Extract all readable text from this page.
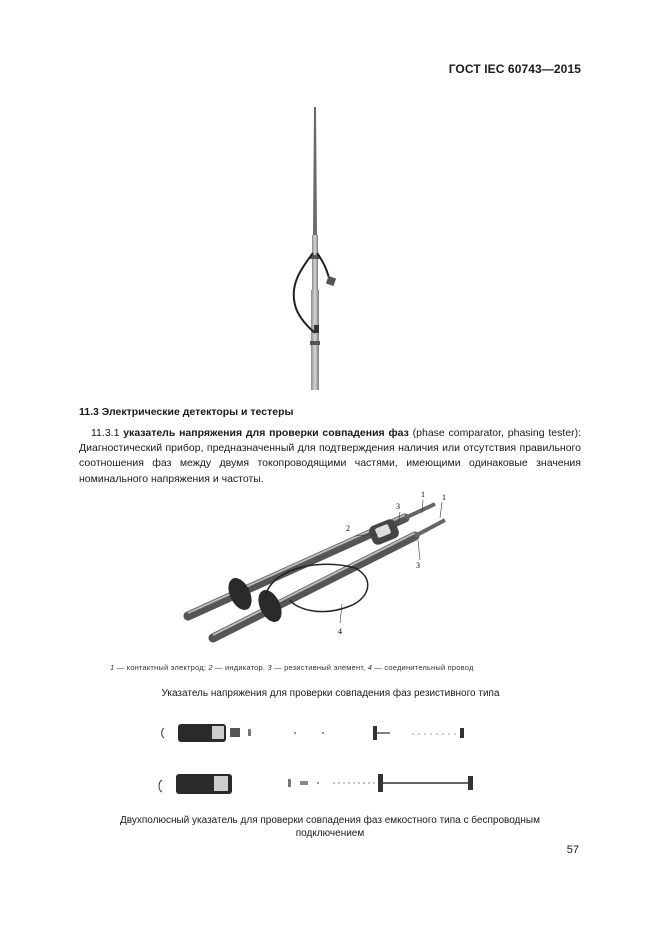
ГОСТ IEC 60743—2015
11.3 Электрические детекторы и тестеры
11.3.1 указатель напряжения для проверки совпадения фаз (phase comparator, phasing tester): Диагностический прибор, предназначенный для подтверждения наличия или отсутствия правильного соотношения фаз между двумя токопроводящими частями, имеющими одинаковые значения номинального напряжения и частоты.
1
1
2
3
3
4
1 — контактный электрод; 2 — индикатор. 3 — резистивный элемент, 4 — соединительный провод
Указатель напряжения для проверки совпадения фаз резистивного типа
Двухполюсный указатель для проверки совпадения фаз емкостного типа с беспроводным подключением
57
